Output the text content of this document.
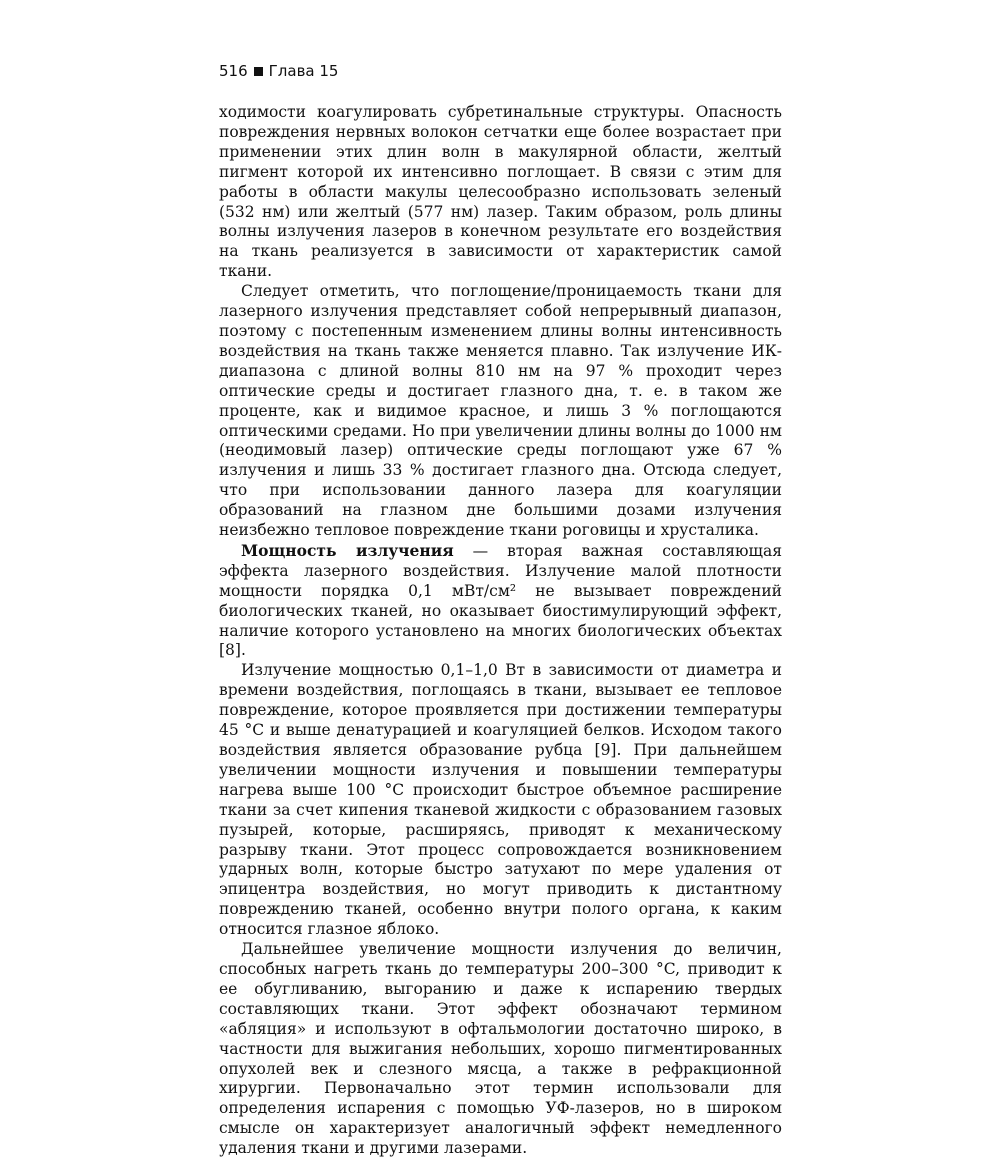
516 Глава 15

ходимости коагулировать субретинальные структуры. Опасность повреждения нервных волокон сетчатки еще более возрастает при применении этих длин волн в макулярной области, желтый пигмент которой их интенсивно поглощает. В связи с этим для работы в области макулы целесообразно использовать зеленый (532 нм) или желтый (577 нм) лазер. Таким образом, роль длины волны излучения лазеров в конечном результате его воздействия на ткань реализуется в зависимости от характеристик самой ткани.

Следует отметить, что поглощение/проницаемость ткани для лазерного излучения представляет собой непрерывный диапазон, поэтому с постепенным изменением длины волны интенсивность воздействия на ткань также меняется плавно. Так излучение ИК-диапазона с длиной волны 810 нм на 97 % проходит через оптические среды и достигает глазного дна, т. е. в таком же проценте, как и видимое красное, и лишь 3 % поглощаются оптическими средами. Но при увеличении длины волны до 1000 нм (неодимовый лазер) оптические среды поглощают уже 67 % излучения и лишь 33 % достигает глазного дна. Отсюда следует, что при использовании данного лазера для коагуляции образований на глазном дне большими дозами излучения неизбежно тепловое повреждение ткани роговицы и хрусталика.

Мощность излучения — вторая важная составляющая эффекта лазерного воздействия. Излучение малой плотности мощности порядка 0,1 мВт/см² не вызывает повреждений биологических тканей, но оказывает биостимулирующий эффект, наличие которого установлено на многих биологических объектах [8].

Излучение мощностью 0,1–1,0 Вт в зависимости от диаметра и времени воздействия, поглощаясь в ткани, вызывает ее тепловое повреждение, которое проявляется при достижении температуры 45 °C и выше денатурацией и коагуляцией белков. Исходом такого воздействия является образование рубца [9]. При дальнейшем увеличении мощности излучения и повышении температуры нагрева выше 100 °C происходит быстрое объемное расширение ткани за счет кипения тканевой жидкости с образованием газовых пузырей, которые, расширяясь, приводят к механическому разрыву ткани. Этот процесс сопровождается возникновением ударных волн, которые быстро затухают по мере удаления от эпицентра воздействия, но могут приводить к дистантному повреждению тканей, особенно внутри полого органа, к каким относится глазное яблоко.

Дальнейшее увеличение мощности излучения до величин, способных нагреть ткань до температуры 200–300 °C, приводит к ее обугливанию, выгоранию и даже к испарению твердых составляющих ткани. Этот эффект обозначают термином «абляция» и используют в офтальмологии достаточно широко, в частности для выжигания небольших, хорошо пигментированных опухолей век и слезного мясца, а также в рефракционной хирургии. Первоначально этот термин использовали для определения испарения с помощью УФ-лазеров, но в широком смысле он характеризует аналогичный эффект немедленного удаления ткани и другими лазерами.
